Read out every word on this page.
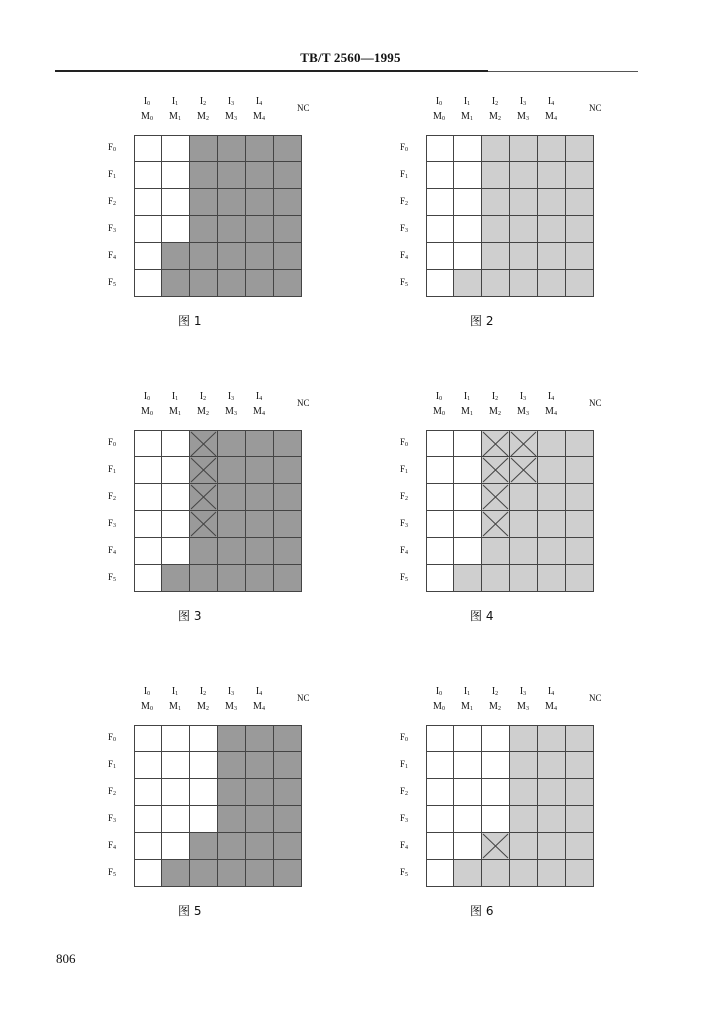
TB/T 2560—1995
I0
M0
I1
M1
I2
M2
I3
M3
I4
M4
NC
F0
F1
F2
F3
F4
F5
图 1
I0
M0
I1
M1
I2
M2
I3
M3
I4
M4
NC
F0
F1
F2
F3
F4
F5
图 2
I0
M0
I1
M1
I2
M2
I3
M3
I4
M4
NC
F0
F1
F2
F3
F4
F5
图 3
I0
M0
I1
M1
I2
M2
I3
M3
I4
M4
NC
F0
F1
F2
F3
F4
F5
图 4
I0
M0
I1
M1
I2
M2
I3
M3
I4
M4
NC
F0
F1
F2
F3
F4
F5
图 5
I0
M0
I1
M1
I2
M2
I3
M3
I4
M4
NC
F0
F1
F2
F3
F4
F5
图 6
806
